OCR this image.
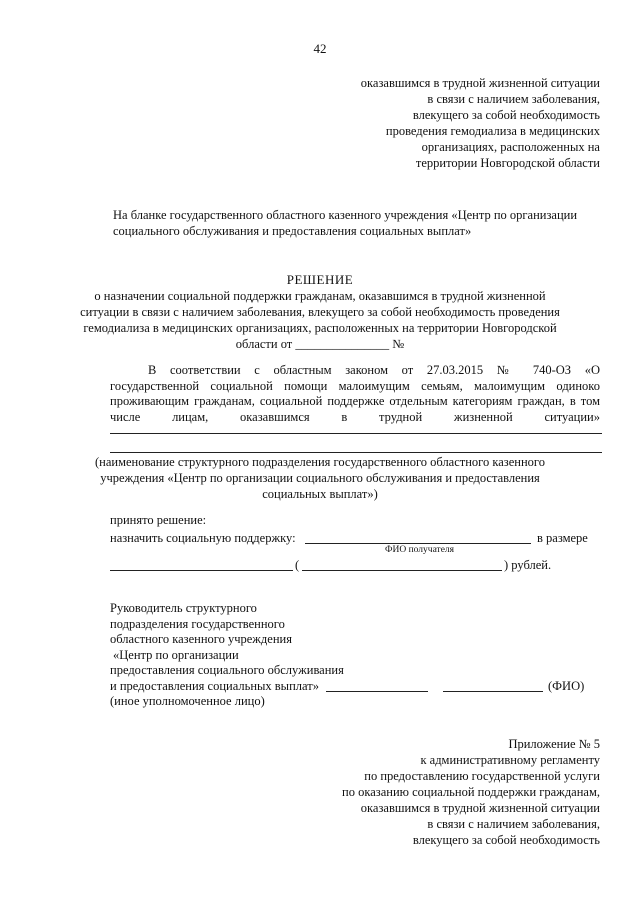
42
оказавшимся в трудной жизненной ситуации
в связи с наличием заболевания,
влекущего за собой необходимость
проведения гемодиализа в медицинских
организациях, расположенных на
территории Новгородской области
На бланке государственного областного казенного учреждения «Центр по организации
социального обслуживания и предоставления социальных выплат»
РЕШЕНИЕ
о назначении социальной поддержки гражданам, оказавшимся в трудной жизненной
ситуации в связи с наличием заболевания, влекущего за собой необходимость проведения
гемодиализа в медицинских организациях, расположенных на территории Новгородской
области от _______________ №
В соответствии с областным законом от 27.03.2015 № 740-ОЗ «О
государственной социальной помощи малоимущим семьям, малоимущим одиноко
проживающим гражданам, социальной поддержке отдельным категориям граждан, в том
числе лицам, оказавшимся в трудной жизненной ситуации»
(наименование структурного подразделения государственного областного казенного
учреждения «Центр по организации социального обслуживания и предоставления
социальных выплат»)
принято решение:
назначить социальную поддержку:	в размере
ФИО получателя
(	) рублей.
Руководитель структурного
подразделения государственного
областного казенного учреждения
«Центр по организации
предоставления социального обслуживания
и предоставления социальных выплат»
(иное уполномоченное лицо)
(ФИО)
Приложение № 5
к административному регламенту
по предоставлению государственной услуги
по оказанию социальной поддержки гражданам,
оказавшимся в трудной жизненной ситуации
в связи с наличием заболевания,
влекущего за собой необходимость
